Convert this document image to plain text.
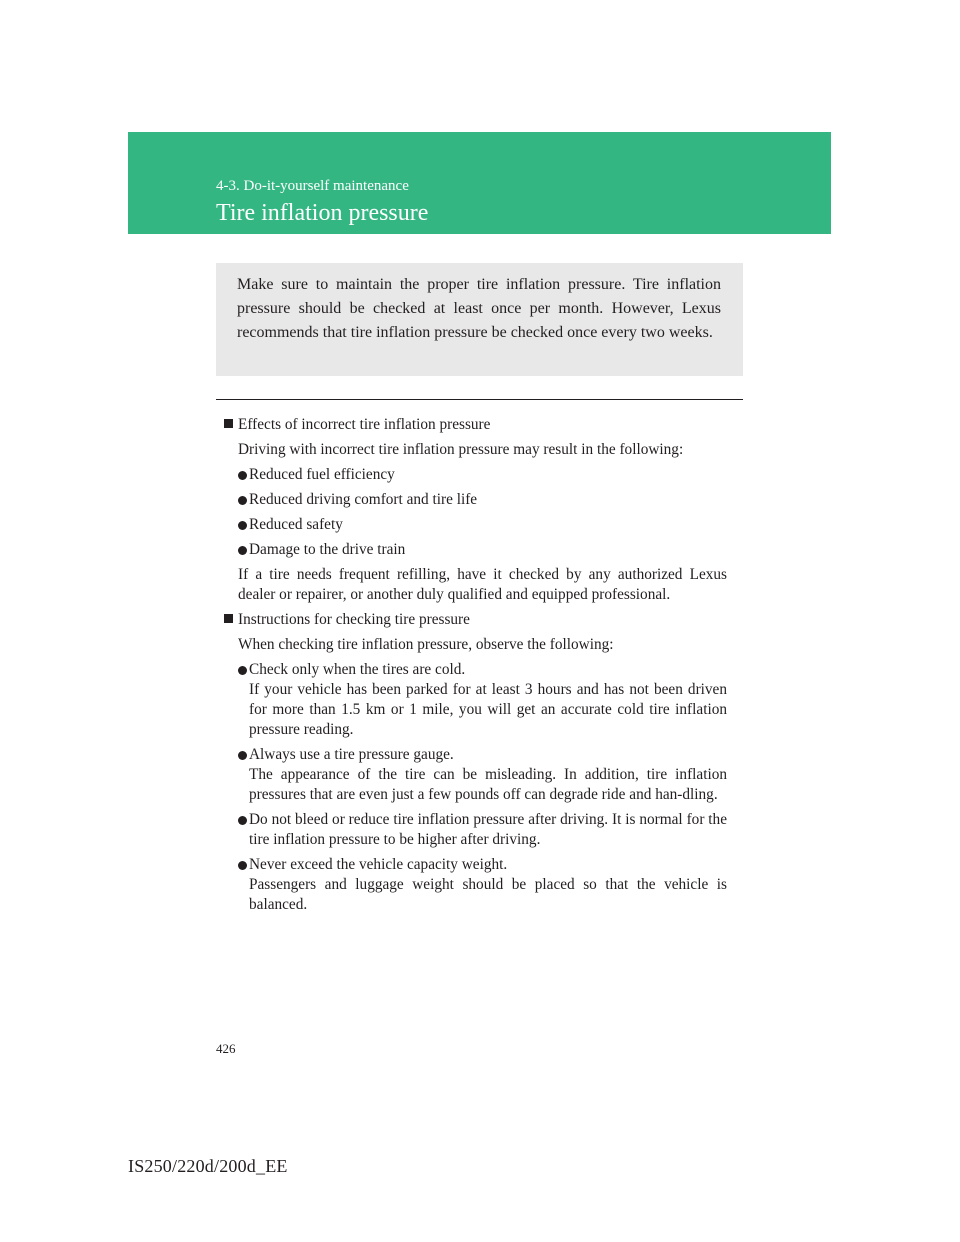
4-3. Do-it-yourself maintenance
Tire inflation pressure

Make sure to maintain the proper tire inflation pressure. Tire inflation pressure should be checked at least once per month. However, Lexus recommends that tire inflation pressure be checked once every two weeks.

Effects of incorrect tire inflation pressure

Driving with incorrect tire inflation pressure may result in the following:

Reduced fuel efficiency

Reduced driving comfort and tire life

Reduced safety

Damage to the drive train

If a tire needs frequent refilling, have it checked by any authorized Lexus dealer or repairer, or another duly qualified and equipped professional.

Instructions for checking tire pressure

When checking tire inflation pressure, observe the following:

Check only when the tires are cold.
If your vehicle has been parked for at least 3 hours and has not been driven for more than 1.5 km or 1 mile, you will get an accurate cold tire inflation pressure reading.
Always use a tire pressure gauge.
The appearance of the tire can be misleading. In addition, tire inflation pressures that are even just a few pounds off can degrade ride and han-dling.
Do not bleed or reduce tire inflation pressure after driving. It is normal for the tire inflation pressure to be higher after driving.
Never exceed the vehicle capacity weight.
Passengers and luggage weight should be placed so that the vehicle is balanced.
426
IS250/220d/200d_EE
